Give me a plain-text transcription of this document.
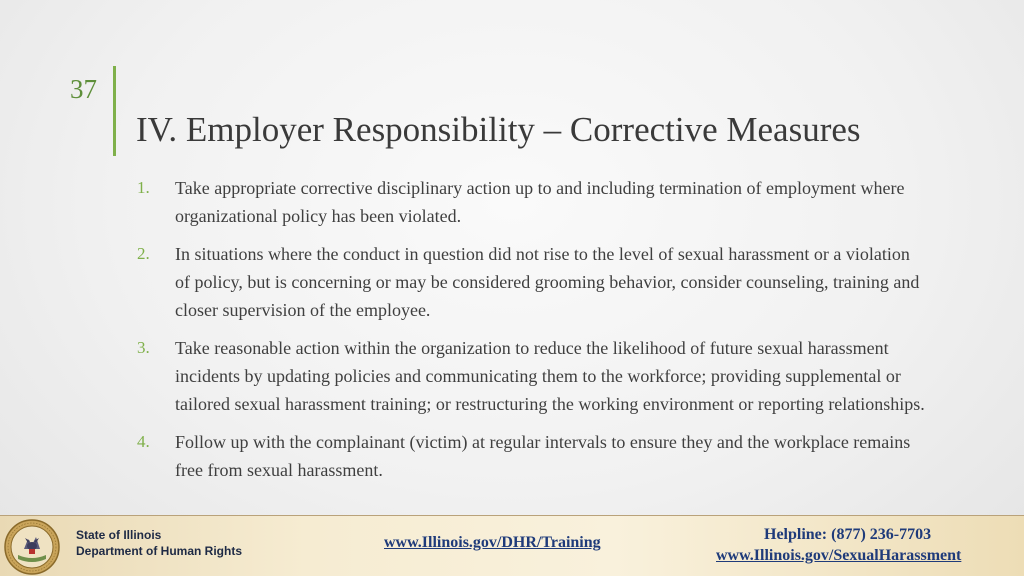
37
IV. Employer Responsibility – Corrective Measures
1.	Take appropriate corrective disciplinary action up to and including termination of employment where organizational policy has been violated.
2.	In situations where the conduct in question did not rise to the level of sexual harassment or a violation of policy, but is concerning or may be considered grooming behavior, consider counseling, training and closer supervision of the employee.
3.	Take reasonable action within the organization to reduce the likelihood of future sexual harassment incidents by updating policies and communicating them to the workforce; providing supplemental or tailored sexual harassment training; or restructuring the working environment or reporting relationships.
4.	Follow up with the complainant (victim) at regular intervals to ensure they and the workplace remains free from sexual harassment.
State of Illinois
Department of Human Rights	www.Illinois.gov/DHR/Training	Helpline: (877) 236-7703
www.Illinois.gov/SexualHarassment
